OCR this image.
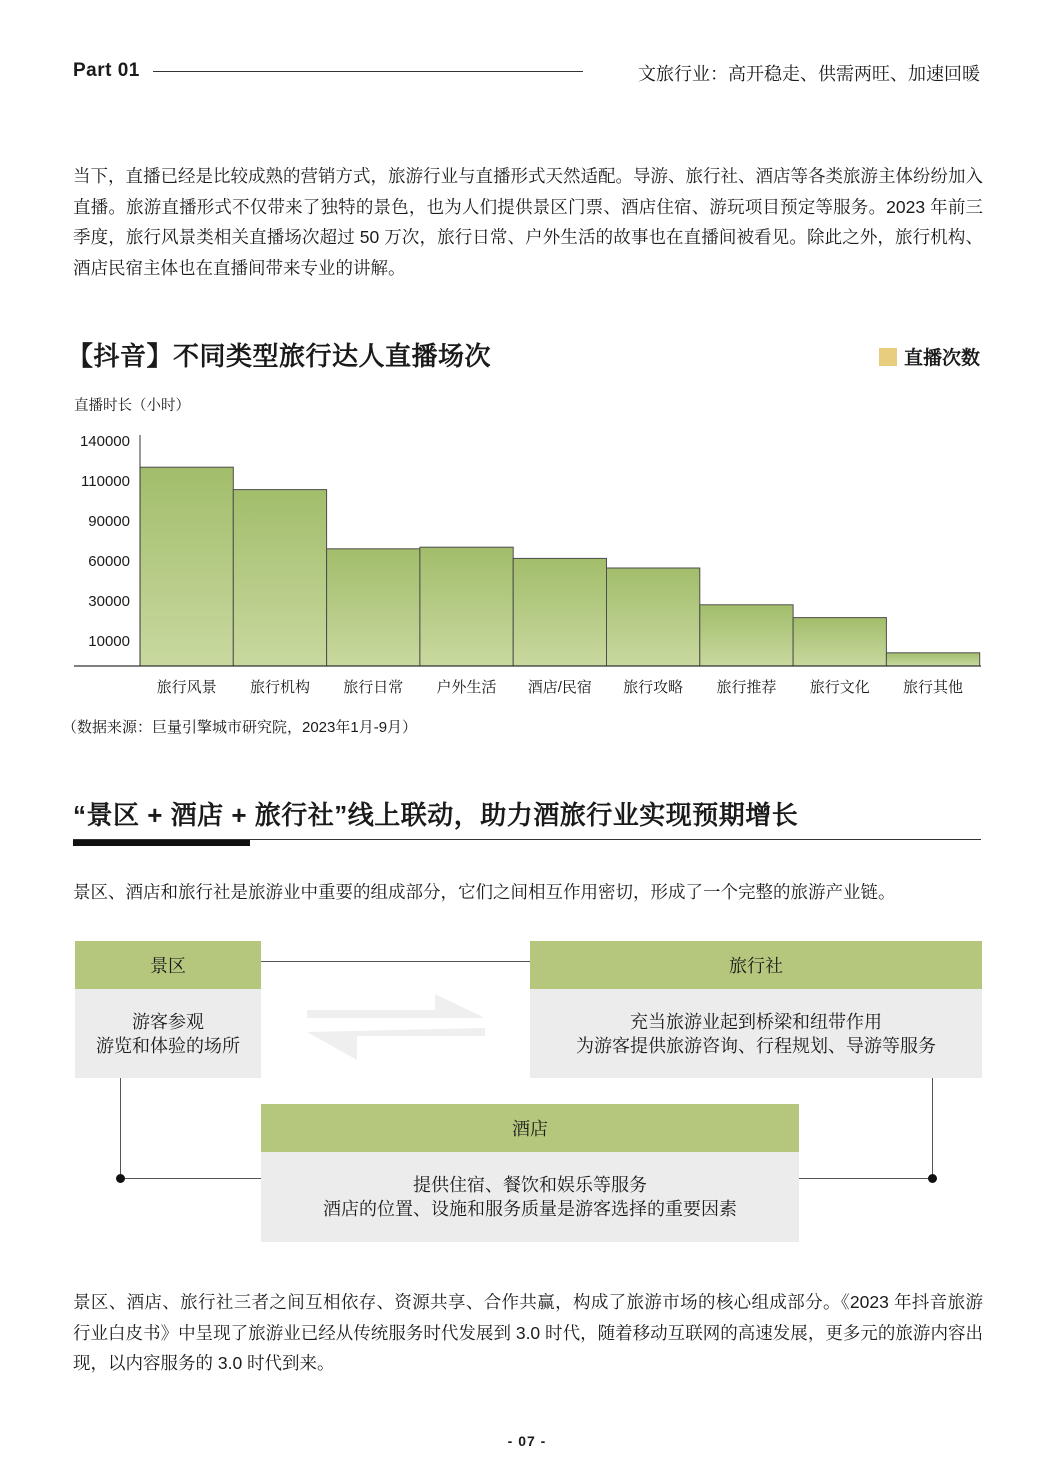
Part 01	文旅行业：高开稳走、供需两旺、加速回暖

当下，直播已经是比较成熟的营销方式，旅游行业与直播形式天然适配。导游、旅行社、酒店等各类旅游主体纷纷加入直播。旅游直播形式不仅带来了独特的景色，也为人们提供景区门票、酒店住宿、游玩项目预定等服务。2023 年前三季度，旅行风景类相关直播场次超过 50 万次，旅行日常、户外生活的故事也在直播间被看见。除此之外，旅行机构、酒店民宿主体也在直播间带来专业的讲解。

【抖音】不同类型旅行达人直播场次	直播次数
直播时长（小时）
140000
110000
90000
60000
30000
10000
旅行风景 旅行机构 旅行日常 户外生活 酒店/民宿 旅行攻略 旅行推荐 旅行文化 旅行其他
（数据来源：巨量引擎城市研究院，2023年1月-9月）
“景区 + 酒店 + 旅行社”线上联动，助力酒旅行业实现预期增长

景区、酒店和旅行社是旅游业中重要的组成部分，它们之间相互作用密切，形成了一个完整的旅游产业链。

景区
游客参观
游览和体验的场所
旅行社
充当旅游业起到桥梁和纽带作用
为游客提供旅游咨询、行程规划、导游等服务
酒店
提供住宿、餐饮和娱乐等服务
酒店的位置、设施和服务质量是游客选择的重要因素

景区、酒店、旅行社三者之间互相依存、资源共享、合作共赢，构成了旅游市场的核心组成部分。《2023 年抖音旅游行业白皮书》中呈现了旅游业已经从传统服务时代发展到 3.0 时代，随着移动互联网的高速发展，更多元的旅游内容出现，以内容服务的 3.0 时代到来。

- 07 -
